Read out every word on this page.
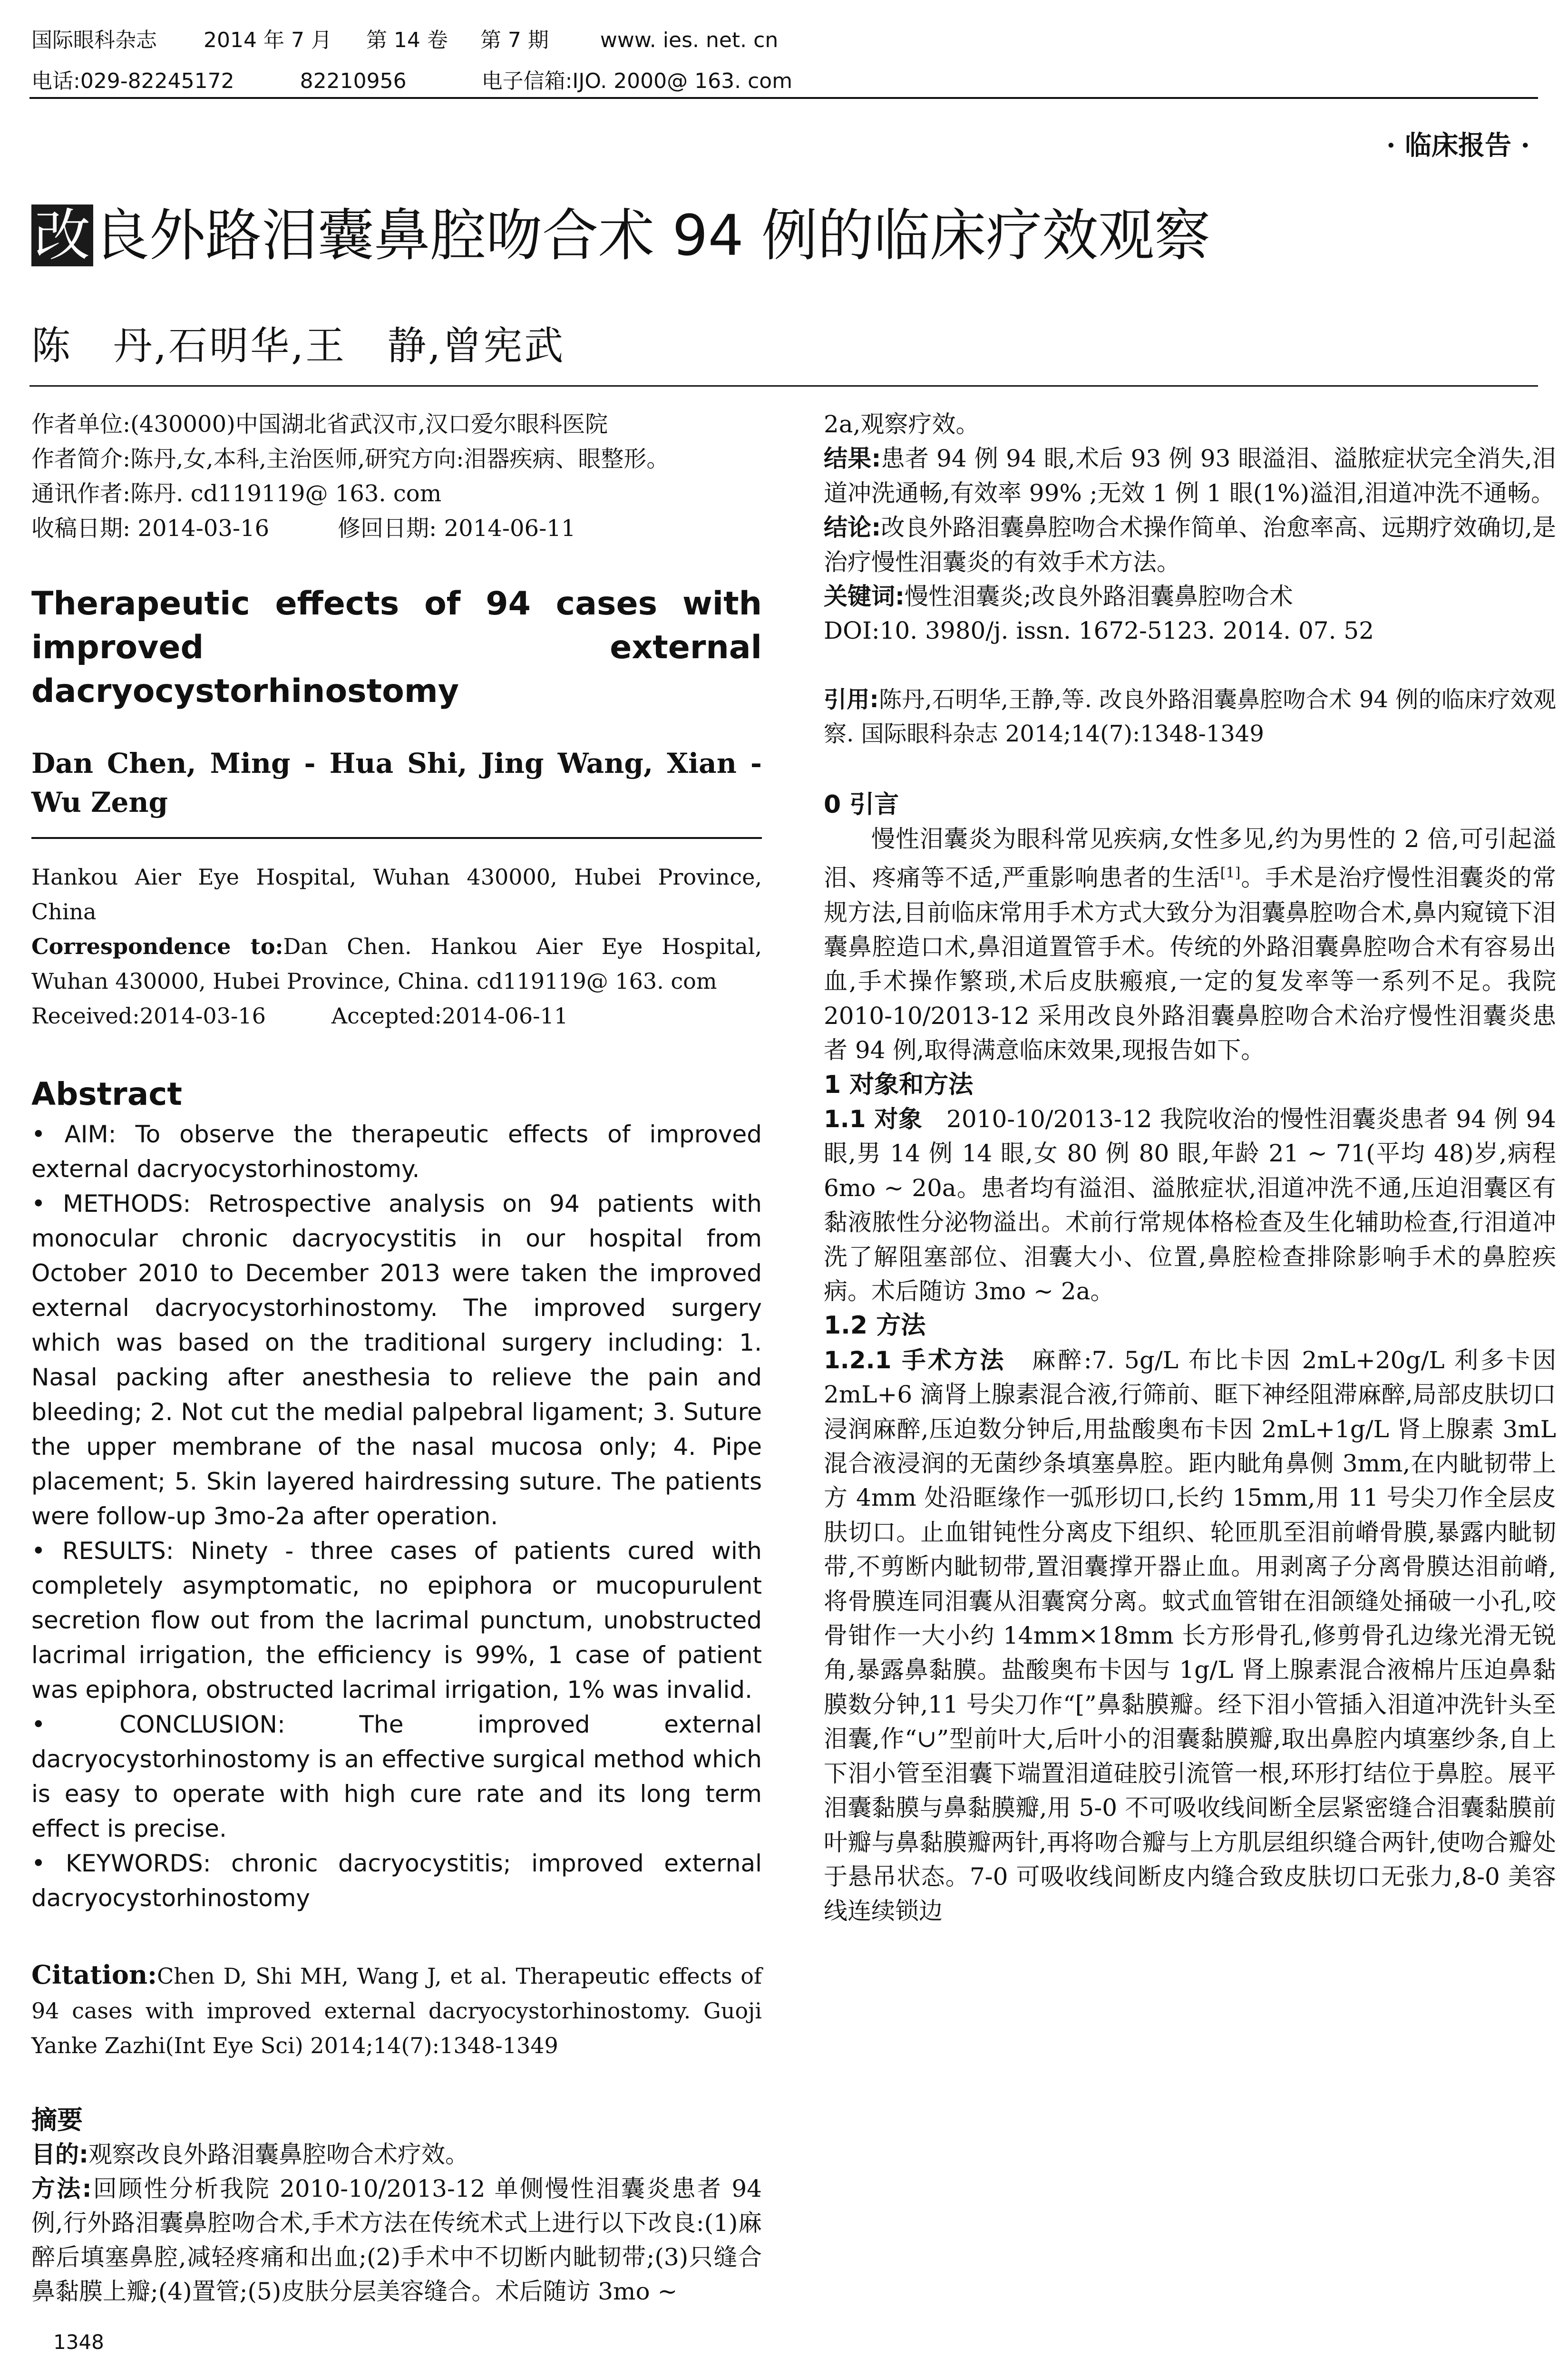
国际眼科杂志 2014 年 7 月 第 14 卷 第 7 期 www. ies. net. cn
电话:029-82245172	82210956	电子信箱:IJO. 2000@ 163. com
· 临床报告 ·
改良外路泪囊鼻腔吻合术 94 例的临床疗效观察
陈　丹,石明华,王　静,曾宪武

作者单位:(430000)中国湖北省武汉市,汉口爱尔眼科医院

作者简介:陈丹,女,本科,主治医师,研究方向:泪器疾病、眼整形。

通讯作者:陈丹. cd119119@ 163. com

收稿日期: 2014-03-16　　　修回日期: 2014-06-11

Therapeutic effects of 94 cases with improved external dacryocystorhinostomy
Dan Chen, Ming - Hua Shi, Jing Wang, Xian - Wu Zeng

Hankou Aier Eye Hospital, Wuhan 430000, Hubei Province, China

Correspondence to:Dan Chen. Hankou Aier Eye Hospital, Wuhan 430000, Hubei Province, China. cd119119@ 163. com

Received:2014-03-16　　　Accepted:2014-06-11

Abstract

• AIM: To observe the therapeutic effects of improved external dacryocystorhinostomy.

• METHODS: Retrospective analysis on 94 patients with monocular chronic dacryocystitis in our hospital from October 2010 to December 2013 were taken the improved external dacryocystorhinostomy. The improved surgery which was based on the traditional surgery including: 1. Nasal packing after anesthesia to relieve the pain and bleeding; 2. Not cut the medial palpebral ligament; 3. Suture the upper membrane of the nasal mucosa only; 4. Pipe placement; 5. Skin layered hairdressing suture. The patients were follow-up 3mo-2a after operation.

• RESULTS: Ninety - three cases of patients cured with completely asymptomatic, no epiphora or mucopurulent secretion flow out from the lacrimal punctum, unobstructed lacrimal irrigation, the efficiency is 99%, 1 case of patient was epiphora, obstructed lacrimal irrigation, 1% was invalid.

• CONCLUSION: The improved external dacryocystorhinostomy is an effective surgical method which is easy to operate with high cure rate and its long term effect is precise.

• KEYWORDS: chronic dacryocystitis; improved external dacryocystorhinostomy

Citation:Chen D, Shi MH, Wang J, et al. Therapeutic effects of 94 cases with improved external dacryocystorhinostomy. Guoji Yanke Zazhi(Int Eye Sci) 2014;14(7):1348-1349
摘要

目的:观察改良外路泪囊鼻腔吻合术疗效。

方法:回顾性分析我院 2010-10/2013-12 单侧慢性泪囊炎患者 94 例,行外路泪囊鼻腔吻合术,手术方法在传统术式上进行以下改良:(1)麻醉后填塞鼻腔,减轻疼痛和出血;(2)手术中不切断内眦韧带;(3)只缝合鼻黏膜上瓣;(4)置管;(5)皮肤分层美容缝合。术后随访 3mo ~

2a,观察疗效。

结果:患者 94 例 94 眼,术后 93 例 93 眼溢泪、溢脓症状完全消失,泪道冲洗通畅,有效率 99% ;无效 1 例 1 眼(1%)溢泪,泪道冲洗不通畅。

结论:改良外路泪囊鼻腔吻合术操作简单、治愈率高、远期疗效确切,是治疗慢性泪囊炎的有效手术方法。

关键词:慢性泪囊炎;改良外路泪囊鼻腔吻合术

DOI:10. 3980/j. issn. 1672-5123. 2014. 07. 52

引用:陈丹,石明华,王静,等. 改良外路泪囊鼻腔吻合术 94 例的临床疗效观察. 国际眼科杂志 2014;14(7):1348-1349

0 引言

慢性泪囊炎为眼科常见疾病,女性多见,约为男性的 2 倍,可引起溢泪、疼痛等不适,严重影响患者的生活[1]。手术是治疗慢性泪囊炎的常规方法,目前临床常用手术方式大致分为泪囊鼻腔吻合术,鼻内窥镜下泪囊鼻腔造口术,鼻泪道置管手术。传统的外路泪囊鼻腔吻合术有容易出血,手术操作繁琐,术后皮肤瘢痕,一定的复发率等一系列不足。我院 2010-10/2013-12 采用改良外路泪囊鼻腔吻合术治疗慢性泪囊炎患者 94 例,取得满意临床效果,现报告如下。

1 对象和方法

1.1 对象　2010-10/2013-12 我院收治的慢性泪囊炎患者 94 例 94 眼,男 14 例 14 眼,女 80 例 80 眼,年龄 21 ~ 71(平均 48)岁,病程 6mo ~ 20a。患者均有溢泪、溢脓症状,泪道冲洗不通,压迫泪囊区有黏液脓性分泌物溢出。术前行常规体格检查及生化辅助检查,行泪道冲洗了解阻塞部位、泪囊大小、位置,鼻腔检查排除影响手术的鼻腔疾病。术后随访 3mo ~ 2a。

1.2 方法

1.2.1 手术方法　麻醉:7. 5g/L 布比卡因 2mL+20g/L 利多卡因 2mL+6 滴肾上腺素混合液,行筛前、眶下神经阻滞麻醉,局部皮肤切口浸润麻醉,压迫数分钟后,用盐酸奥布卡因 2mL+1g/L 肾上腺素 3mL 混合液浸润的无菌纱条填塞鼻腔。距内眦角鼻侧 3mm,在内眦韧带上方 4mm 处沿眶缘作一弧形切口,长约 15mm,用 11 号尖刀作全层皮肤切口。止血钳钝性分离皮下组织、轮匝肌至泪前嵴骨膜,暴露内眦韧带,不剪断内眦韧带,置泪囊撑开器止血。用剥离子分离骨膜达泪前嵴,将骨膜连同泪囊从泪囊窝分离。蚊式血管钳在泪颌缝处捅破一小孔,咬骨钳作一大小约 14mm×18mm 长方形骨孔,修剪骨孔边缘光滑无锐角,暴露鼻黏膜。盐酸奥布卡因与 1g/L 肾上腺素混合液棉片压迫鼻黏膜数分钟,11 号尖刀作“[”鼻黏膜瓣。经下泪小管插入泪道冲洗针头至泪囊,作“∪”型前叶大,后叶小的泪囊黏膜瓣,取出鼻腔内填塞纱条,自上下泪小管至泪囊下端置泪道硅胶引流管一根,环形打结位于鼻腔。展平泪囊黏膜与鼻黏膜瓣,用 5-0 不可吸收线间断全层紧密缝合泪囊黏膜前叶瓣与鼻黏膜瓣两针,再将吻合瓣与上方肌层组织缝合两针,使吻合瓣处于悬吊状态。7-0 可吸收线间断皮内缝合致皮肤切口无张力,8-0 美容线连续锁边

1348
